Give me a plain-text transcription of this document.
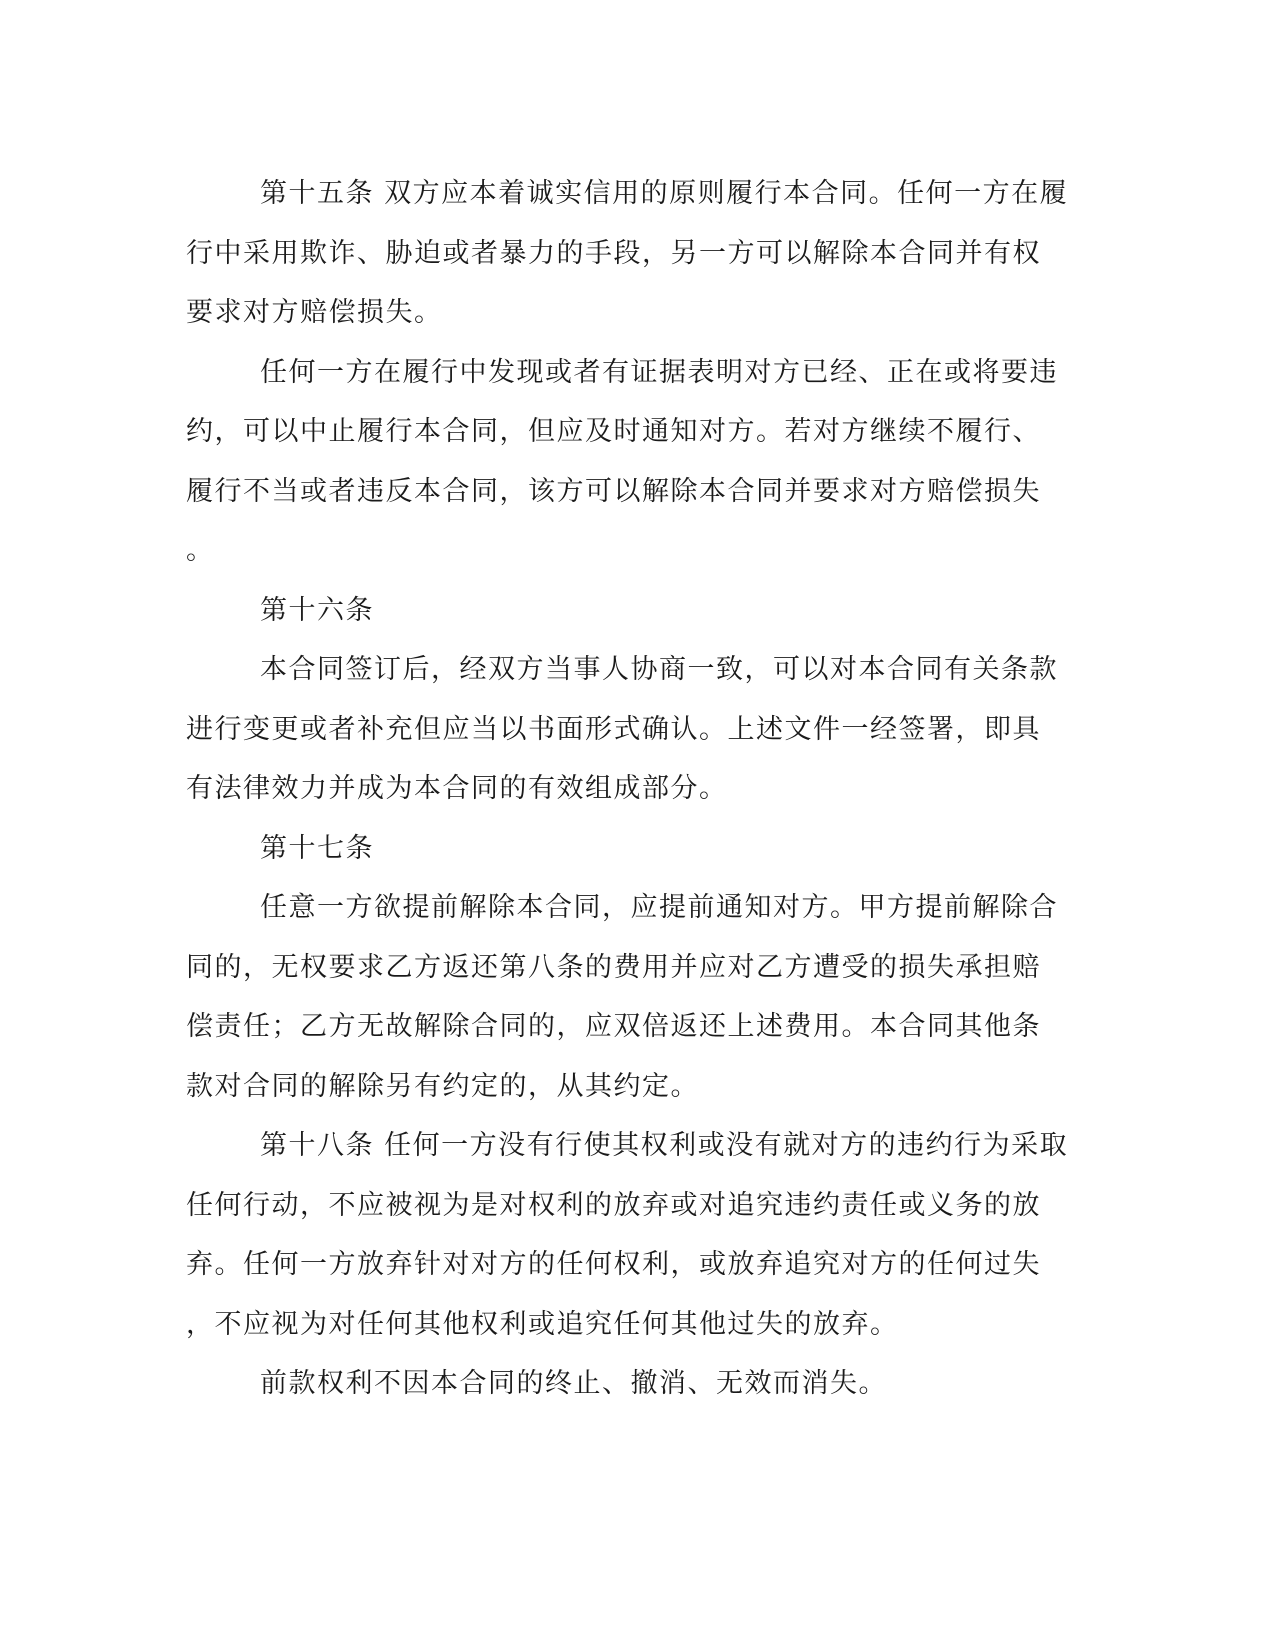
第十五条 双方应本着诚实信用的原则履行本合同。任何一方在履
行中采用欺诈、胁迫或者暴力的手段，另一方可以解除本合同并有权
要求对方赔偿损失。
任何一方在履行中发现或者有证据表明对方已经、正在或将要违
约，可以中止履行本合同，但应及时通知对方。若对方继续不履行、
履行不当或者违反本合同，该方可以解除本合同并要求对方赔偿损失
。
第十六条
本合同签订后，经双方当事人协商一致，可以对本合同有关条款
进行变更或者补充但应当以书面形式确认。上述文件一经签署，即具
有法律效力并成为本合同的有效组成部分。
第十七条
任意一方欲提前解除本合同，应提前通知对方。甲方提前解除合
同的，无权要求乙方返还第八条的费用并应对乙方遭受的损失承担赔
偿责任；乙方无故解除合同的，应双倍返还上述费用。本合同其他条
款对合同的解除另有约定的，从其约定。
第十八条 任何一方没有行使其权利或没有就对方的违约行为采取
任何行动，不应被视为是对权利的放弃或对追究违约责任或义务的放
弃。任何一方放弃针对对方的任何权利，或放弃追究对方的任何过失
，不应视为对任何其他权利或追究任何其他过失的放弃。
前款权利不因本合同的终止、撤消、无效而消失。
